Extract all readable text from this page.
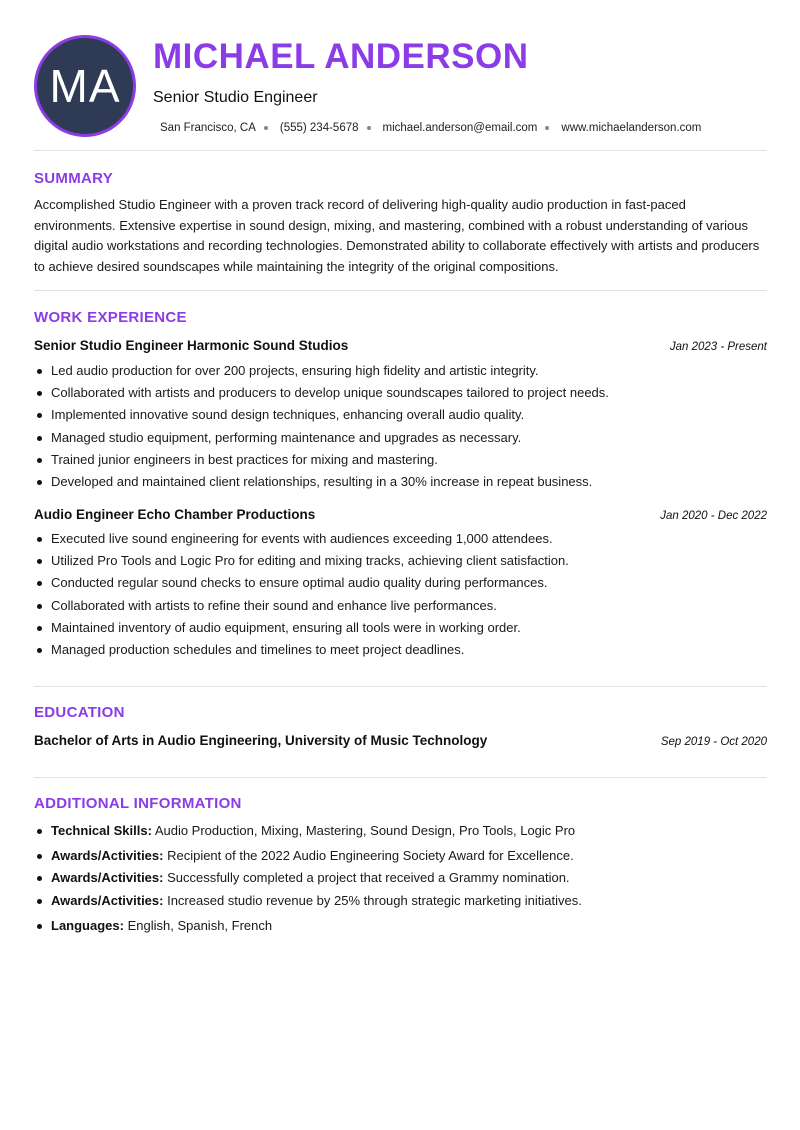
MA
MICHAEL ANDERSON
Senior Studio Engineer
San Francisco, CA (555) 234-5678 michael.anderson@email.com www.michaelanderson.com
SUMMARY

Accomplished Studio Engineer with a proven track record of delivering high-quality audio production in fast-paced environments. Extensive expertise in sound design, mixing, and mastering, combined with a robust understanding of various digital audio workstations and recording technologies. Demonstrated ability to collaborate effectively with artists and producers to achieve desired soundscapes while maintaining the integrity of the original compositions.

WORK EXPERIENCE
Senior Studio Engineer Harmonic Sound Studios	Jan 2023 - Present
Led audio production for over 200 projects, ensuring high fidelity and artistic integrity.
Collaborated with artists and producers to develop unique soundscapes tailored to project needs.
Implemented innovative sound design techniques, enhancing overall audio quality.
Managed studio equipment, performing maintenance and upgrades as necessary.
Trained junior engineers in best practices for mixing and mastering.
Developed and maintained client relationships, resulting in a 30% increase in repeat business.
Audio Engineer Echo Chamber Productions	Jan 2020 - Dec 2022
Executed live sound engineering for events with audiences exceeding 1,000 attendees.
Utilized Pro Tools and Logic Pro for editing and mixing tracks, achieving client satisfaction.
Conducted regular sound checks to ensure optimal audio quality during performances.
Collaborated with artists to refine their sound and enhance live performances.
Maintained inventory of audio equipment, ensuring all tools were in working order.
Managed production schedules and timelines to meet project deadlines.
EDUCATION
Bachelor of Arts in Audio Engineering, University of Music Technology	Sep 2019 - Oct 2020
ADDITIONAL INFORMATION
Technical Skills: Audio Production, Mixing, Mastering, Sound Design, Pro Tools, Logic Pro
Awards/Activities: Recipient of the 2022 Audio Engineering Society Award for Excellence.
Awards/Activities: Successfully completed a project that received a Grammy nomination.
Awards/Activities: Increased studio revenue by 25% through strategic marketing initiatives.
Languages: English, Spanish, French
